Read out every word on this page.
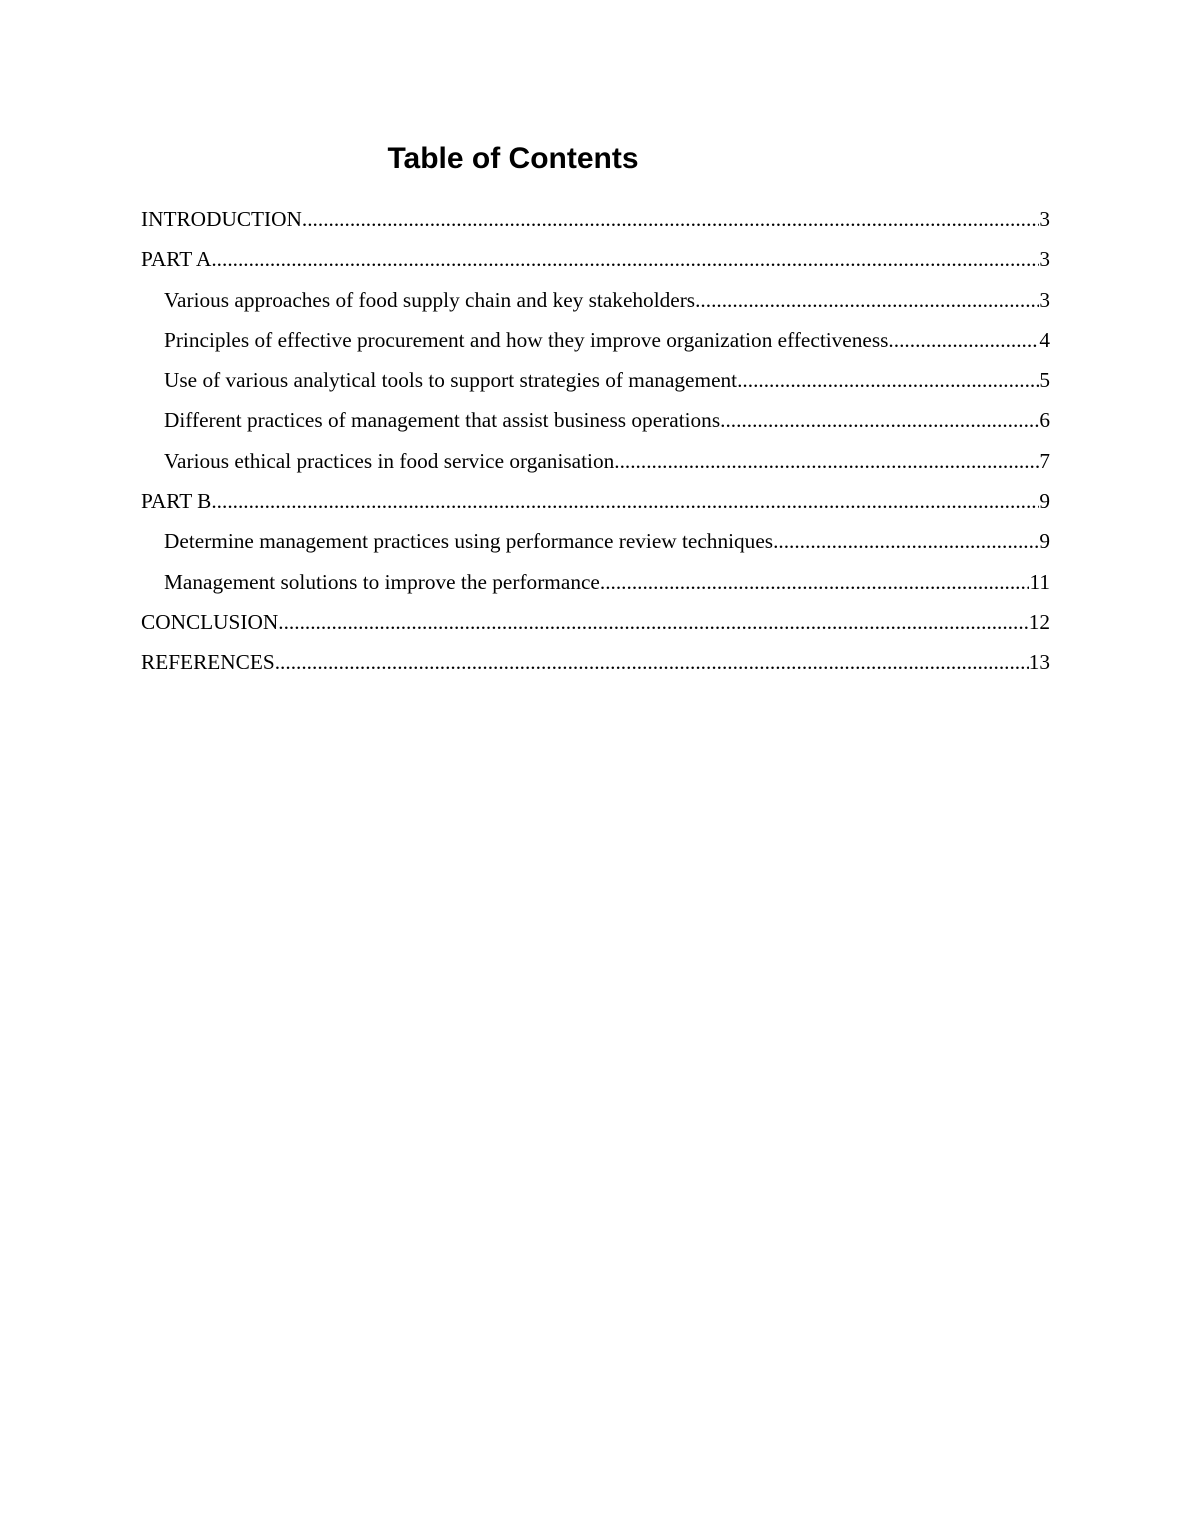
Table of Contents
INTRODUCTION .....	3
PART A .....	3
Various approaches of food supply chain and key stakeholders .....	3
Principles of effective procurement and how they improve organization effectiveness. .....	4
Use of various analytical tools to support strategies of management .....	5
Different practices of management that assist business operations. .....	6
Various ethical practices in food service organisation. .....	7
PART B .....	9
Determine management practices using performance review techniques .....	9
Management solutions to improve the performance .....	11
CONCLUSION .....	12
REFERENCES .....	13
